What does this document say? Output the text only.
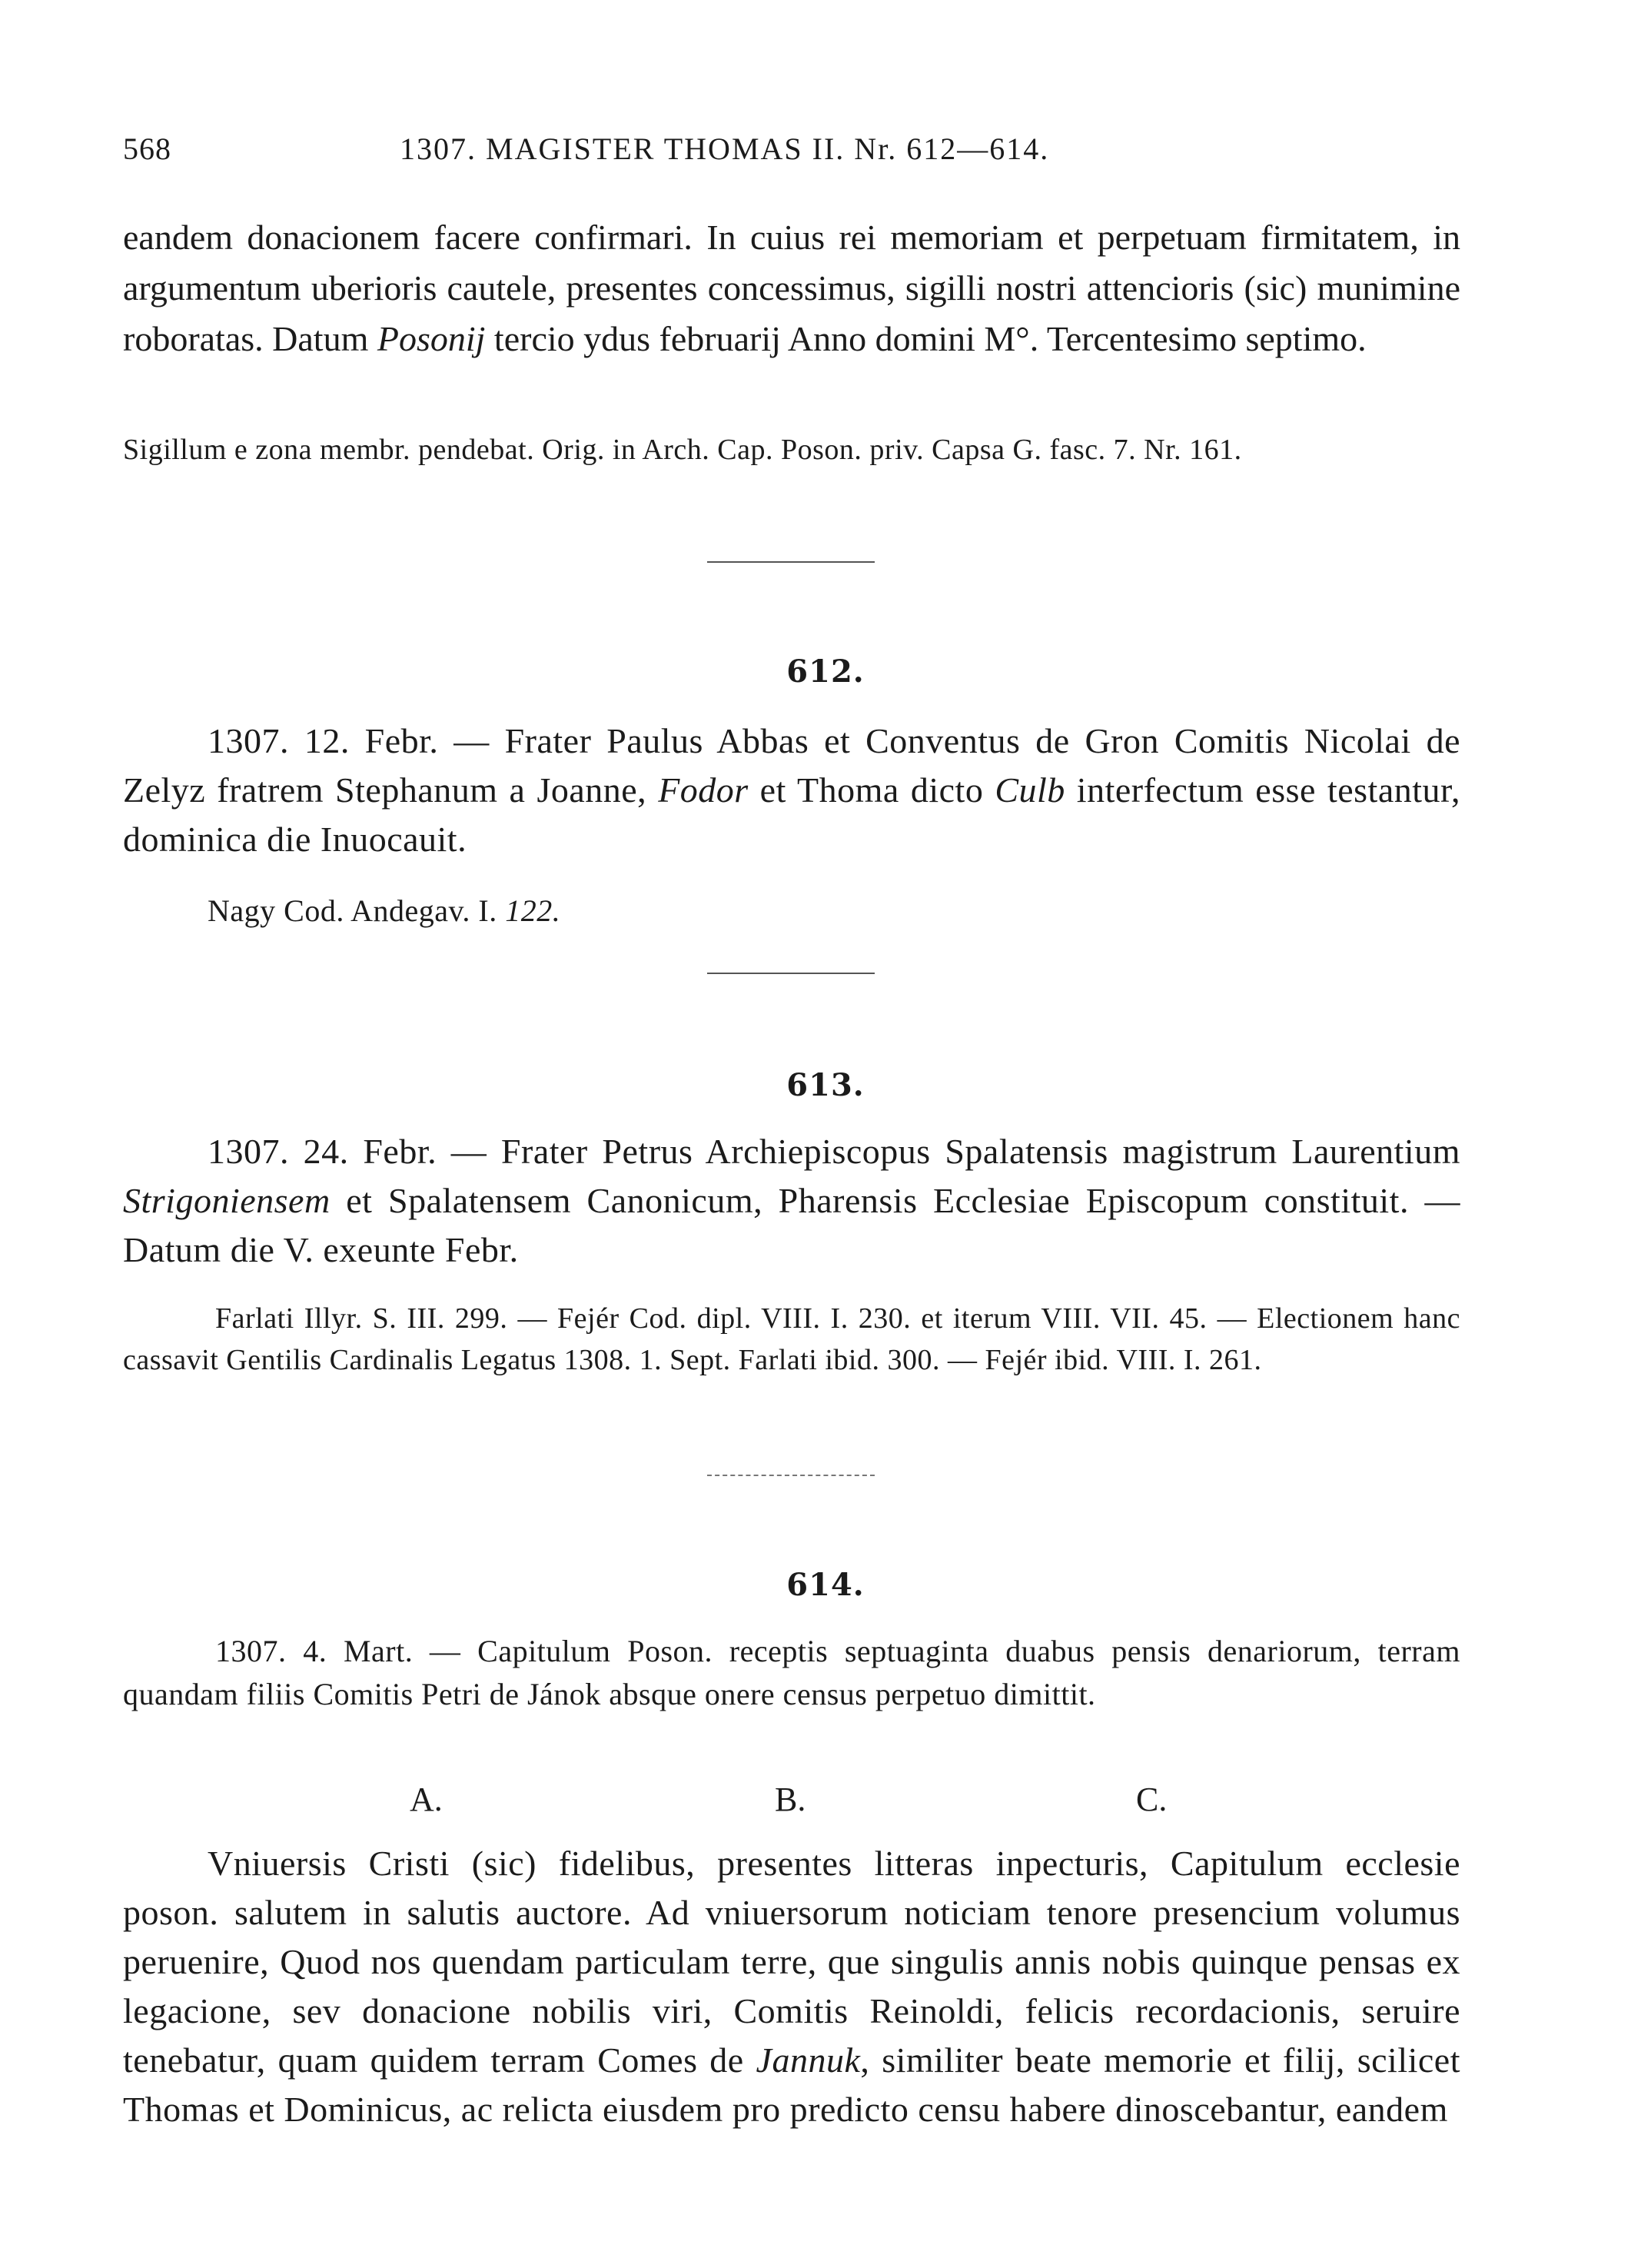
568	1307. MAGISTER THOMAS II. Nr. 612—614.
eandem donacionem facere confirmari. In cuius rei memoriam et perpetuam firmitatem, in argumentum uberioris cautele, presentes concessimus, sigilli nostri attencioris (sic) munimine roboratas. Datum Posonij tercio ydus februarij Anno domini M°. Tercentesimo septimo.
Sigillum e zona membr. pendebat. Orig. in Arch. Cap. Poson. priv. Capsa G. fasc. 7. Nr. 161.
612.
1307. 12. Febr. — Frater Paulus Abbas et Conventus de Gron Comitis Nicolai de Zelyz fratrem Stephanum a Joanne, Fodor et Thoma dicto Culb interfectum esse testantur, dominica die Inuocauit.
Nagy Cod. Andegav. I. 122.
613.
1307. 24. Febr. — Frater Petrus Archiepiscopus Spalatensis magistrum Laurentium Strigoniensem et Spalatensem Canonicum, Pharensis Ecclesiae Episcopum constituit. — Datum die V. exeunte Febr.
Farlati Illyr. S. III. 299. — Fejér Cod. dipl. VIII. I. 230. et iterum VIII. VII. 45. — Electionem hanc cassavit Gentilis Cardinalis Legatus 1308. 1. Sept. Farlati ibid. 300. — Fejér ibid. VIII. I. 261.
614.
1307. 4. Mart. — Capitulum Poson. receptis septuaginta duabus pensis denariorum, terram quandam filiis Comitis Petri de Jánok absque onere census perpetuo dimittit.
A.	B.	C.
Vniuersis Cristi (sic) fidelibus, presentes litteras inpecturis, Capitulum ecclesie poson. salutem in salutis auctore. Ad vniuersorum noticiam tenore presencium volumus peruenire, Quod nos quendam particulam terre, que singulis annis nobis quinque pensas ex legacione, sev donacione nobilis viri, Comitis Reinoldi, felicis recordacionis, seruire tenebatur, quam quidem terram Comes de Jannuk, similiter beate memorie et filij, scilicet Thomas et Dominicus, ac relicta eiusdem pro predicto censu habere dinoscebantur, eandem
